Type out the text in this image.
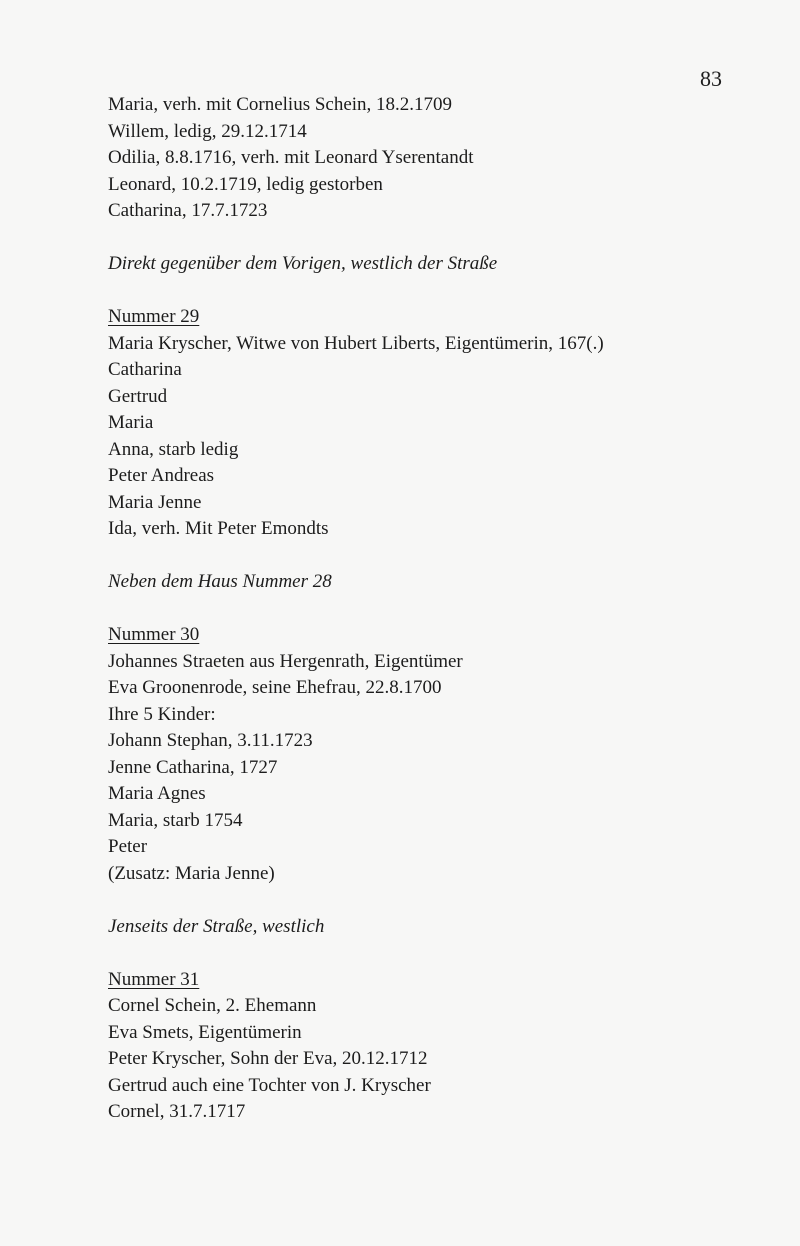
83
Maria, verh. mit Cornelius Schein, 18.2.1709
Willem, ledig, 29.12.1714
Odilia, 8.8.1716, verh. mit Leonard Yserentandt
Leonard, 10.2.1719, ledig gestorben
Catharina, 17.7.1723
Direkt gegenüber dem Vorigen, westlich der Straße
Nummer 29
Maria Kryscher, Witwe von Hubert Liberts, Eigentümerin, 167(.)
Catharina
Gertrud
Maria
Anna, starb ledig
Peter Andreas
Maria Jenne
Ida, verh. Mit Peter Emondts
Neben dem Haus Nummer 28
Nummer 30
Johannes Straeten aus Hergenrath, Eigentümer
Eva Groonenrode, seine Ehefrau, 22.8.1700
Ihre 5 Kinder:
Johann Stephan, 3.11.1723
Jenne Catharina, 1727
Maria Agnes
Maria, starb 1754
Peter
(Zusatz: Maria Jenne)
Jenseits der Straße, westlich
Nummer 31
Cornel Schein, 2. Ehemann
Eva Smets, Eigentümerin
Peter Kryscher, Sohn der Eva, 20.12.1712
Gertrud auch eine Tochter von J. Kryscher
Cornel, 31.7.1717
